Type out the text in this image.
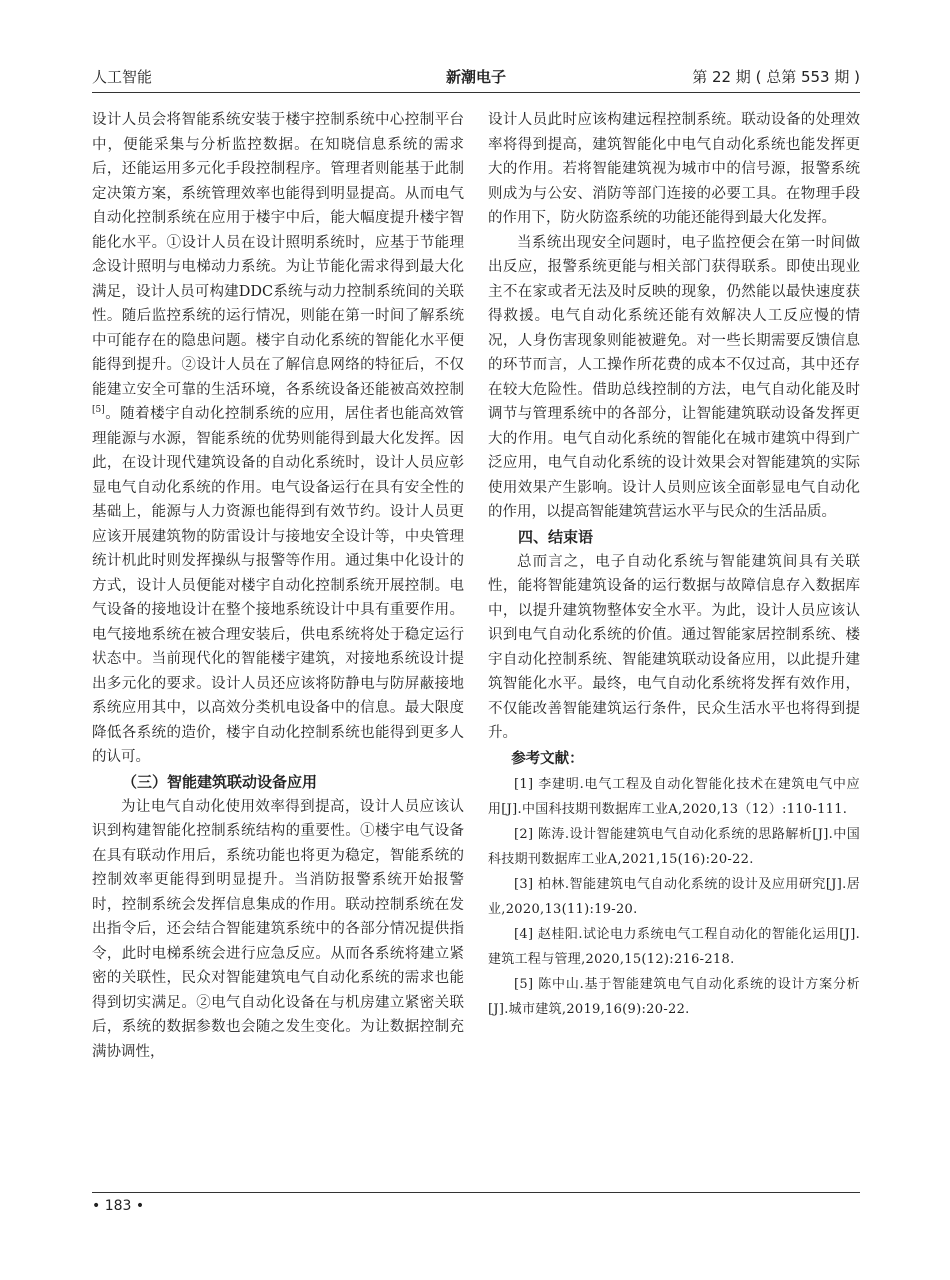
人工智能	新潮电子	第 22 期 ( 总第 553 期 )

设计人员会将智能系统安装于楼宇控制系统中心控制平台中，便能采集与分析监控数据。在知晓信息系统的需求后，还能运用多元化手段控制程序。管理者则能基于此制定决策方案，系统管理效率也能得到明显提高。从而电气自动化控制系统在应用于楼宇中后，能大幅度提升楼宇智能化水平。①设计人员在设计照明系统时，应基于节能理念设计照明与电梯动力系统。为让节能化需求得到最大化满足，设计人员可构建DDC系统与动力控制系统间的关联性。随后监控系统的运行情况，则能在第一时间了解系统中可能存在的隐患问题。楼宇自动化系统的智能化水平便能得到提升。②设计人员在了解信息网络的特征后，不仅能建立安全可靠的生活环境，各系统设备还能被高效控制[5]。随着楼宇自动化控制系统的应用，居住者也能高效管理能源与水源，智能系统的优势则能得到最大化发挥。因此，在设计现代建筑设备的自动化系统时，设计人员应彰显电气自动化系统的作用。电气设备运行在具有安全性的基础上，能源与人力资源也能得到有效节约。设计人员更应该开展建筑物的防雷设计与接地安全设计等，中央管理统计机此时则发挥操纵与报警等作用。通过集中化设计的方式，设计人员便能对楼宇自动化控制系统开展控制。电气设备的接地设计在整个接地系统设计中具有重要作用。电气接地系统在被合理安装后，供电系统将处于稳定运行状态中。当前现代化的智能楼宇建筑，对接地系统设计提出多元化的要求。设计人员还应该将防静电与防屏蔽接地系统应用其中，以高效分类机电设备中的信息。最大限度降低各系统的造价，楼宇自动化控制系统也能得到更多人的认可。

（三）智能建筑联动设备应用

为让电气自动化使用效率得到提高，设计人员应该认识到构建智能化控制系统结构的重要性。①楼宇电气设备在具有联动作用后，系统功能也将更为稳定，智能系统的控制效率更能得到明显提升。当消防报警系统开始报警时，控制系统会发挥信息集成的作用。联动控制系统在发出指令后，还会结合智能建筑系统中的各部分情况提供指令，此时电梯系统会进行应急反应。从而各系统将建立紧密的关联性，民众对智能建筑电气自动化系统的需求也能得到切实满足。②电气自动化设备在与机房建立紧密关联后，系统的数据参数也会随之发生变化。为让数据控制充满协调性，

设计人员此时应该构建远程控制系统。联动设备的处理效率将得到提高，建筑智能化中电气自动化系统也能发挥更大的作用。若将智能建筑视为城市中的信号源，报警系统则成为与公安、消防等部门连接的必要工具。在物理手段的作用下，防火防盗系统的功能还能得到最大化发挥。

当系统出现安全问题时，电子监控便会在第一时间做出反应，报警系统更能与相关部门获得联系。即使出现业主不在家或者无法及时反映的现象，仍然能以最快速度获得救援。电气自动化系统还能有效解决人工反应慢的情况，人身伤害现象则能被避免。对一些长期需要反馈信息的环节而言，人工操作所花费的成本不仅过高，其中还存在较大危险性。借助总线控制的方法，电气自动化能及时调节与管理系统中的各部分，让智能建筑联动设备发挥更大的作用。电气自动化系统的智能化在城市建筑中得到广泛应用，电气自动化系统的设计效果会对智能建筑的实际使用效果产生影响。设计人员则应该全面彰显电气自动化的作用，以提高智能建筑营运水平与民众的生活品质。

四、结束语

总而言之，电子自动化系统与智能建筑间具有关联性，能将智能建筑设备的运行数据与故障信息存入数据库中，以提升建筑物整体安全水平。为此，设计人员应该认识到电气自动化系统的价值。通过智能家居控制系统、楼宇自动化控制系统、智能建筑联动设备应用，以此提升建筑智能化水平。最终，电气自动化系统将发挥有效作用，不仅能改善智能建筑运行条件，民众生活水平也将得到提升。

参考文献：
[1] 李建明.电气工程及自动化智能化技术在建筑电气中应用[J].中国科技期刊数据库工业A,2020,13（12）:110-111.
[2] 陈涛.设计智能建筑电气自动化系统的思路解析[J].中国科技期刊数据库工业A,2021,15(16):20-22.
[3] 柏林.智能建筑电气自动化系统的设计及应用研究[J].居业,2020,13(11):19-20.
[4] 赵桂阳.试论电力系统电气工程自动化的智能化运用[J].建筑工程与管理,2020,15(12):216-218.
[5] 陈中山.基于智能建筑电气自动化系统的设计方案分析[J].城市建筑,2019,16(9):20-22.
• 183 •
